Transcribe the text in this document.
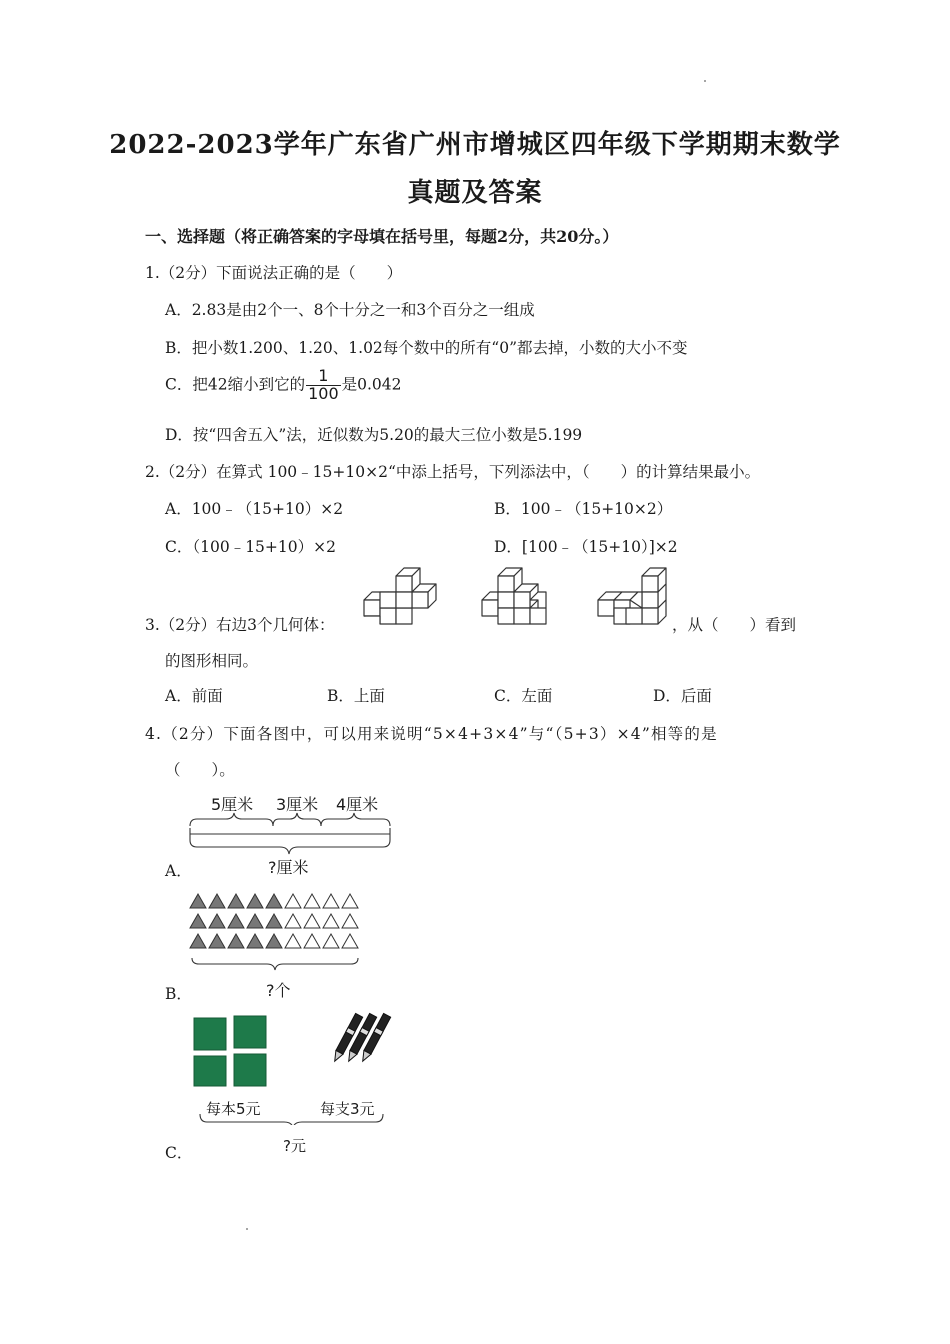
2022-2023学年广东省广州市增城区四年级下学期期末数学
真题及答案
一、选择题（将正确答案的字母填在括号里，每题2分，共20分。）
1.（2分）下面说法正确的是（　　）
A．2.83是由2个一、8个十分之一和3个百分之一组成
B．把小数1.200、1.20、1.02每个数中的所有“0”都去掉，小数的大小不变
C．把42缩小到它的 $\frac{1}{100}$ 是0.042
D．按“四舍五入”法，近似数为5.20的最大三位小数是5.199
2.（2分）在算式 100﹣15+10×2“中添上括号，下列添法中，（　　）的计算结果最小。
A．100﹣（15+10）×2	B．100﹣（15+10×2）
C．（100﹣15+10）×2	D．[100﹣（15+10）]×2
3.（2分）右边3个几何体：	，从（　　）看到
的图形相同。
A．前面	B．上面	C．左面	D．后面
4.（2分）下面各图中，可以用来说明“5×4+3×4”与“（5+3）×4”相等的是
（　　）。
5厘米 3厘米 4厘米
?厘米
A．
?个
B．
每本5元	每支3元
?元
C．
